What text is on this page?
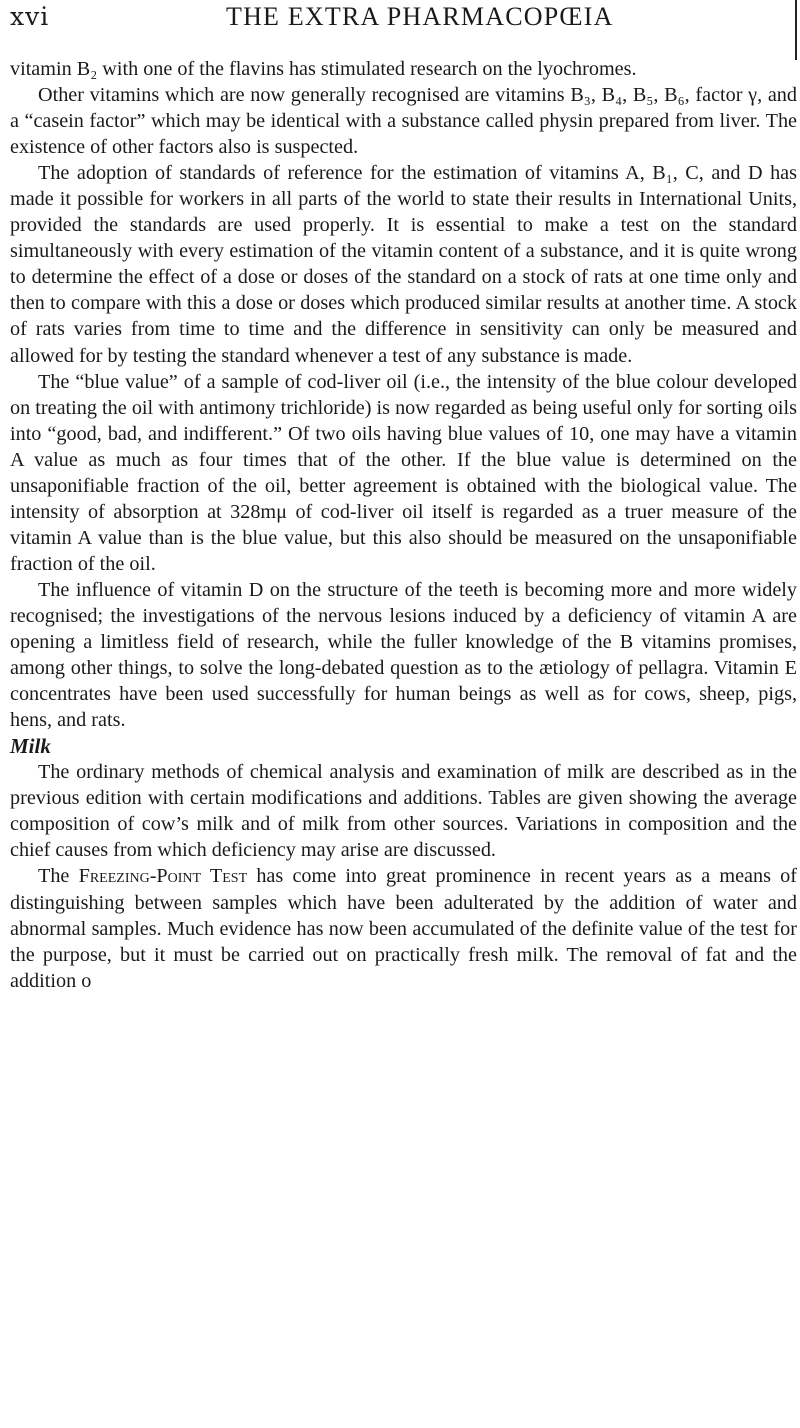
xvi	THE EXTRA PHARMACOPŒIA

vitamin B₂ with one of the flavins has stimulated research on the lyochromes.

Other vitamins which are now generally recognised are vitamins B₃, B₄, B₅, B₆, factor γ, and a “casein factor” which may be identical with a substance called physin prepared from liver. The existence of other factors also is suspected.

The adoption of standards of reference for the estimation of vitamins A, B₁, C, and D has made it possible for workers in all parts of the world to state their results in International Units, provided the standards are used properly. It is essential to make a test on the standard simultaneously with every estimation of the vitamin content of a substance, and it is quite wrong to determine the effect of a dose or doses of the standard on a stock of rats at one time only and then to compare with this a dose or doses which produced similar results at another time. A stock of rats varies from time to time and the difference in sensitivity can only be measured and allowed for by testing the standard whenever a test of any substance is made.

The “blue value” of a sample of cod-liver oil (i.e., the intensity of the blue colour developed on treating the oil with antimony trichloride) is now regarded as being useful only for sorting oils into “good, bad, and indifferent.” Of two oils having blue values of 10, one may have a vitamin A value as much as four times that of the other. If the blue value is determined on the unsaponifiable fraction of the oil, better agreement is obtained with the biological value. The intensity of absorption at 328mμ of cod-liver oil itself is regarded as a truer measure of the vitamin A value than is the blue value, but this also should be measured on the unsaponifiable fraction of the oil.

The influence of vitamin D on the structure of the teeth is becoming more and more widely recognised; the investigations of the nervous lesions induced by a deficiency of vitamin A are opening a limitless field of research, while the fuller knowledge of the B vitamins promises, among other things, to solve the long-debated question as to the ætiology of pellagra. Vitamin E concentrates have been used successfully for human beings as well as for cows, sheep, pigs, hens, and rats.

Milk

The ordinary methods of chemical analysis and examination of milk are described as in the previous edition with certain modifications and additions. Tables are given showing the average composition of cow’s milk and of milk from other sources. Variations in composition and the chief causes from which deficiency may arise are discussed.

The Freezing-Point Test has come into great prominence in recent years as a means of distinguishing between samples which have been adulterated by the addition of water and abnormal samples. Much evidence has now been accumulated of the definite value of the test for the purpose, but it must be carried out on practically fresh milk. The removal of fat and the addition o
